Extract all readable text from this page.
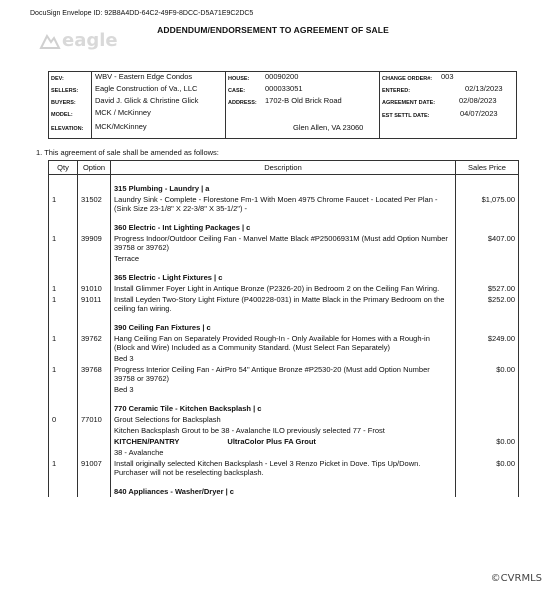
DocuSign Envelope ID: 92B8A4DD-64C2-49F9-8DCC-D5A71E9C2DC5
ADDENDUM/ENDORSEMENT TO AGREEMENT OF SALE
eagle
DEV:	WBV - Eastern Edge Condos
SELLERS: Eagle Construction of Va., LLC
BUYERS:	David J. Glick & Christine Glick
MODEL:	MCK / McKinney
ELEVATION: MCK/McKinney
HOUSE: 00090200
CASE:	000033051
ADDRESS: 1702-B Old Brick Road
Glen Allen, VA 23060
CHANGE ORDER#: 003
ENTERED:	02/13/2023
AGREEMENT DATE:	02/08/2023
EST SETTL DATE:	04/07/2023
1. This agreement of sale shall be amended as follows:
Qty	Option	Description	Sales Price
		315 Plumbing - Laundry | a	
1	31502	Laundry Sink - Complete - Florestone Fm-1 With Moen 4975 Chrome Faucet - Located Per Plan - (Sink Size 23-1/8" X 22-3/8" X 35-1/2") -	$1,075.00
		360 Electric - Int Lighting Packages | c	
1	39909	Progress Indoor/Outdoor Ceiling Fan - Manvel Matte Black #P25006931M (Must add Option Number 39758 or 39762)	$407.00
		Terrace	
		365 Electric - Light Fixtures | c	
1	91010	Install Glimmer Foyer Light in Antique Bronze (P2326-20) in Bedroom 2 on the Ceiling Fan Wiring.	$527.00
1	91011	Install Leyden Two-Story Light Fixture (P400228-031) in Matte Black in the Primary Bedroom on the ceiling fan wiring.	$252.00
		390 Ceiling Fan Fixtures | c	
1	39762	Hang Ceiling Fan on Separately Provided Rough-In - Only Available for Homes with a Rough-in (Block and Wire) Included as a Community Standard. (Must Select Fan Separately)	$249.00
		Bed 3	
1	39768	Progress Interior Ceiling Fan - AirPro 54" Antique Bronze #P2530-20 (Must add Option Number 39758 or 39762)	$0.00
		Bed 3	
		770 Ceramic Tile - Kitchen Backsplash | c	
0	77010	Grout Selections for Backsplash	
		Kitchen Backsplash Grout to be 38 - Avalanche ILO previously selected 77 - Frost	
		KITCHEN/PANTRY UltraColor Plus FA Grout	$0.00
		38 - Avalanche	
1	91007	Install originally selected Kitchen Backsplash - Level 3 Renzo Picket in Dove. Tips Up/Down. Purchaser will not be reselecting backsplash.	$0.00
		840 Appliances - Washer/Dryer | c	
©CVRMLS
